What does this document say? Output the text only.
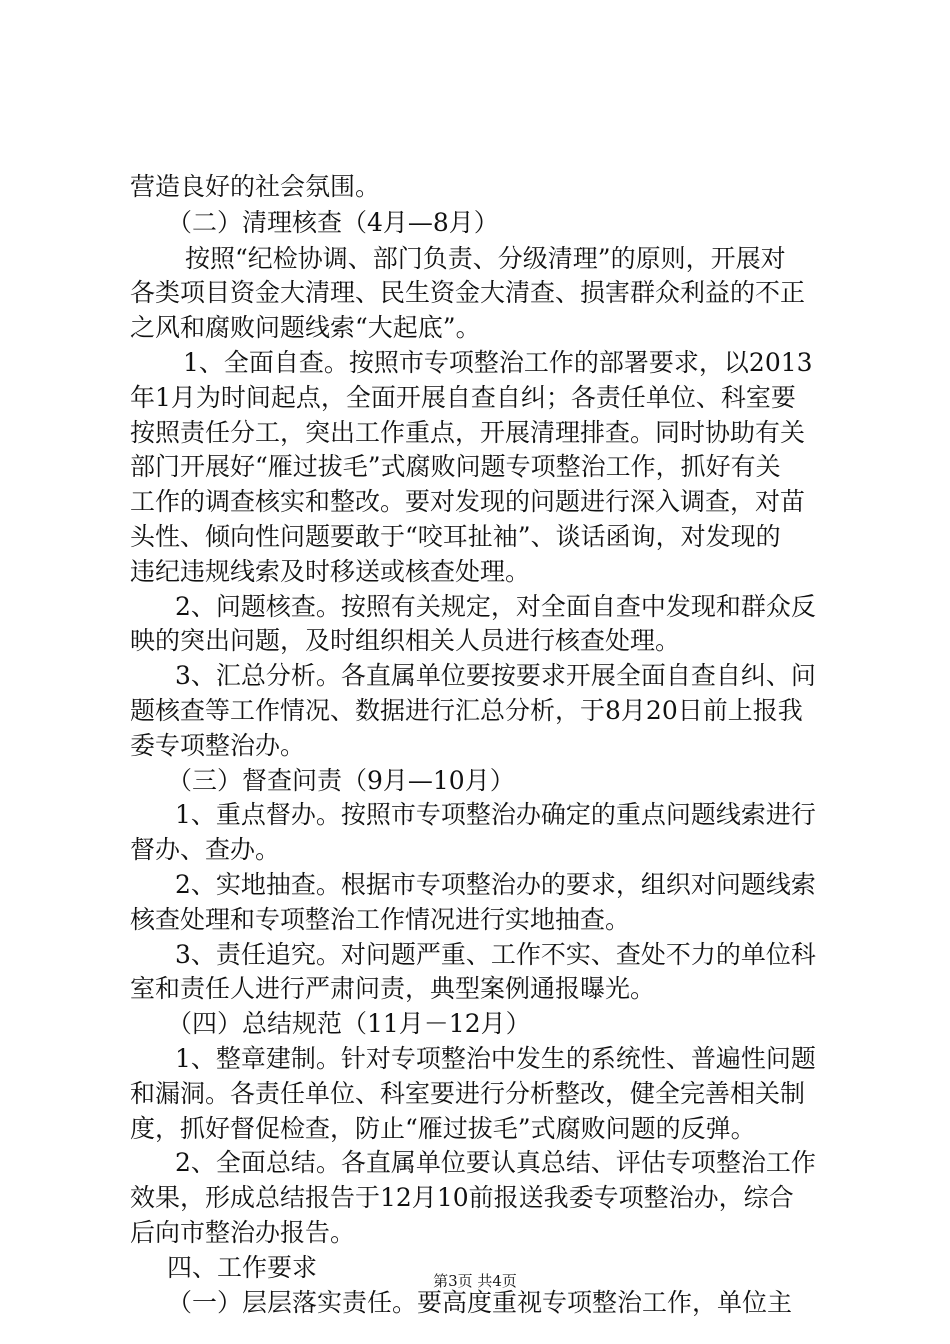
营造良好的社会氛围。
（二）清理核查（4月—8月）
按照“纪检协调、部门负责、分级清理”的原则，开展对
各类项目资金大清理、民生资金大清查、损害群众利益的不正
之风和腐败问题线索“大起底”。
1、全面自查。按照市专项整治工作的部署要求，以2013
年1月为时间起点，全面开展自查自纠；各责任单位、科室要
按照责任分工，突出工作重点，开展清理排查。同时协助有关
部门开展好“雁过拔毛”式腐败问题专项整治工作，抓好有关
工作的调查核实和整改。要对发现的问题进行深入调查，对苗
头性、倾向性问题要敢于“咬耳扯袖”、谈话函询，对发现的
违纪违规线索及时移送或核查处理。
2、问题核查。按照有关规定，对全面自查中发现和群众反
映的突出问题，及时组织相关人员进行核查处理。
3、汇总分析。各直属单位要按要求开展全面自查自纠、问
题核查等工作情况、数据进行汇总分析，于8月20日前上报我
委专项整治办。
（三）督查问责（9月—10月）
1、重点督办。按照市专项整治办确定的重点问题线索进行
督办、查办。
2、实地抽查。根据市专项整治办的要求，组织对问题线索
核查处理和专项整治工作情况进行实地抽查。
3、责任追究。对问题严重、工作不实、查处不力的单位科
室和责任人进行严肃问责，典型案例通报曝光。
（四）总结规范（11月－12月）
1、整章建制。针对专项整治中发生的系统性、普遍性问题
和漏洞。各责任单位、科室要进行分析整改，健全完善相关制
度，抓好督促检查，防止“雁过拔毛”式腐败问题的反弹。
2、全面总结。各直属单位要认真总结、评估专项整治工作
效果，形成总结报告于12月10前报送我委专项整治办，综合
后向市整治办报告。
四、工作要求
（一）层层落实责任。要高度重视专项整治工作，单位主
第3页 共4页
